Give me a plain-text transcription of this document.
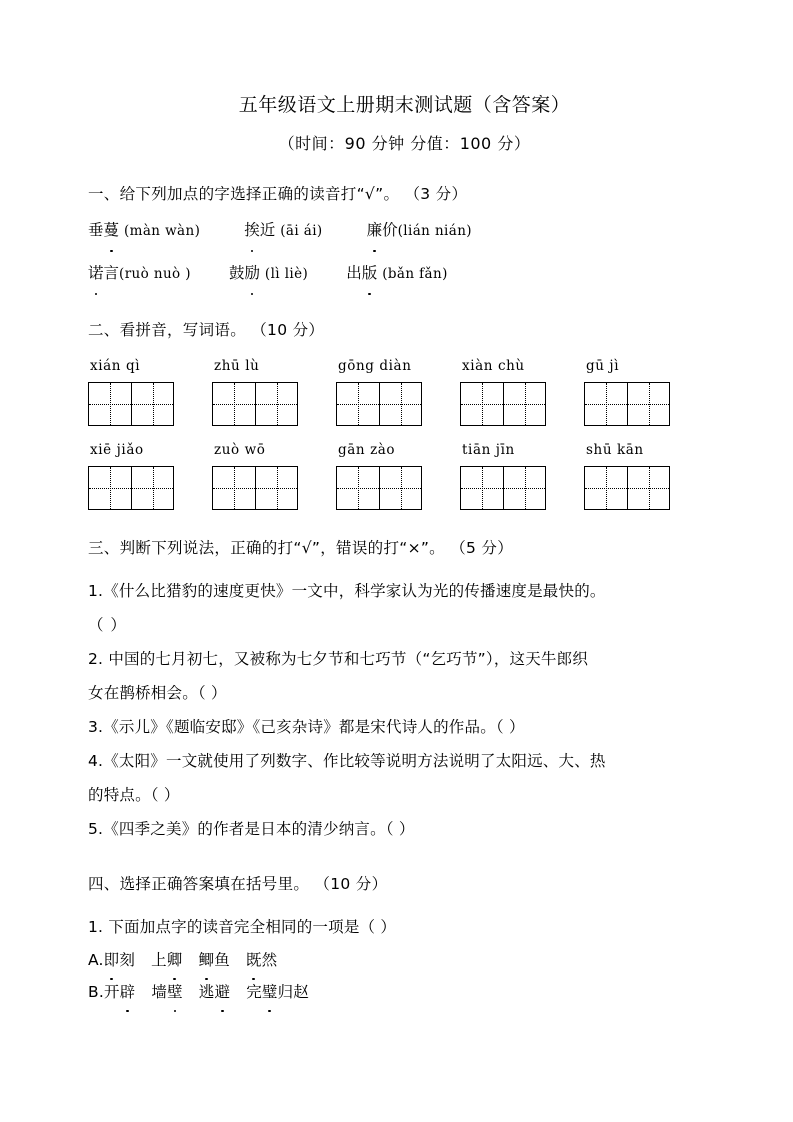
五年级语文上册期末测试题（含答案）
（时间：90 分钟 分值：100 分）
一、给下列加点的字选择正确的读音打“√”。 （3 分）
垂蔓 (màn wàn)	挨近 (āi ái)	廉价(lián nián)
诺言(ruò nuò ) 鼓励 (lì liè) 出版 (bǎn fǎn)
二、看拼音，写词语。 （10 分）
xián qì	zhū lù	gōng diàn	xiàn chù	gū jì
xiē jiǎo	zuò wō	gān zào	tiān jīn	shū kān
三、判断下列说法，正确的打“√”，错误的打“×”。 （5 分）
1.《什么比猎豹的速度更快》一文中，科学家认为光的传播速度是最快的。
（ ）
2. 中国的七月初七，又被称为七夕节和七巧节（“乞巧节”），这天牛郎织
女在鹊桥相会。（ ）
3.《示儿》《题临安邸》《己亥杂诗》都是宋代诗人的作品。（ ）
4.《太阳》一文就使用了列数字、作比较等说明方法说明了太阳远、大、热
的特点。（ ）
5.《四季之美》的作者是日本的清少纳言。（ ）
四、选择正确答案填在括号里。 （10 分）
1. 下面加点字的读音完全相同的一项是（ ）
A.即刻 上卿 鲫鱼 既然
B.开辟 墙壁 逃避 完璧归赵
